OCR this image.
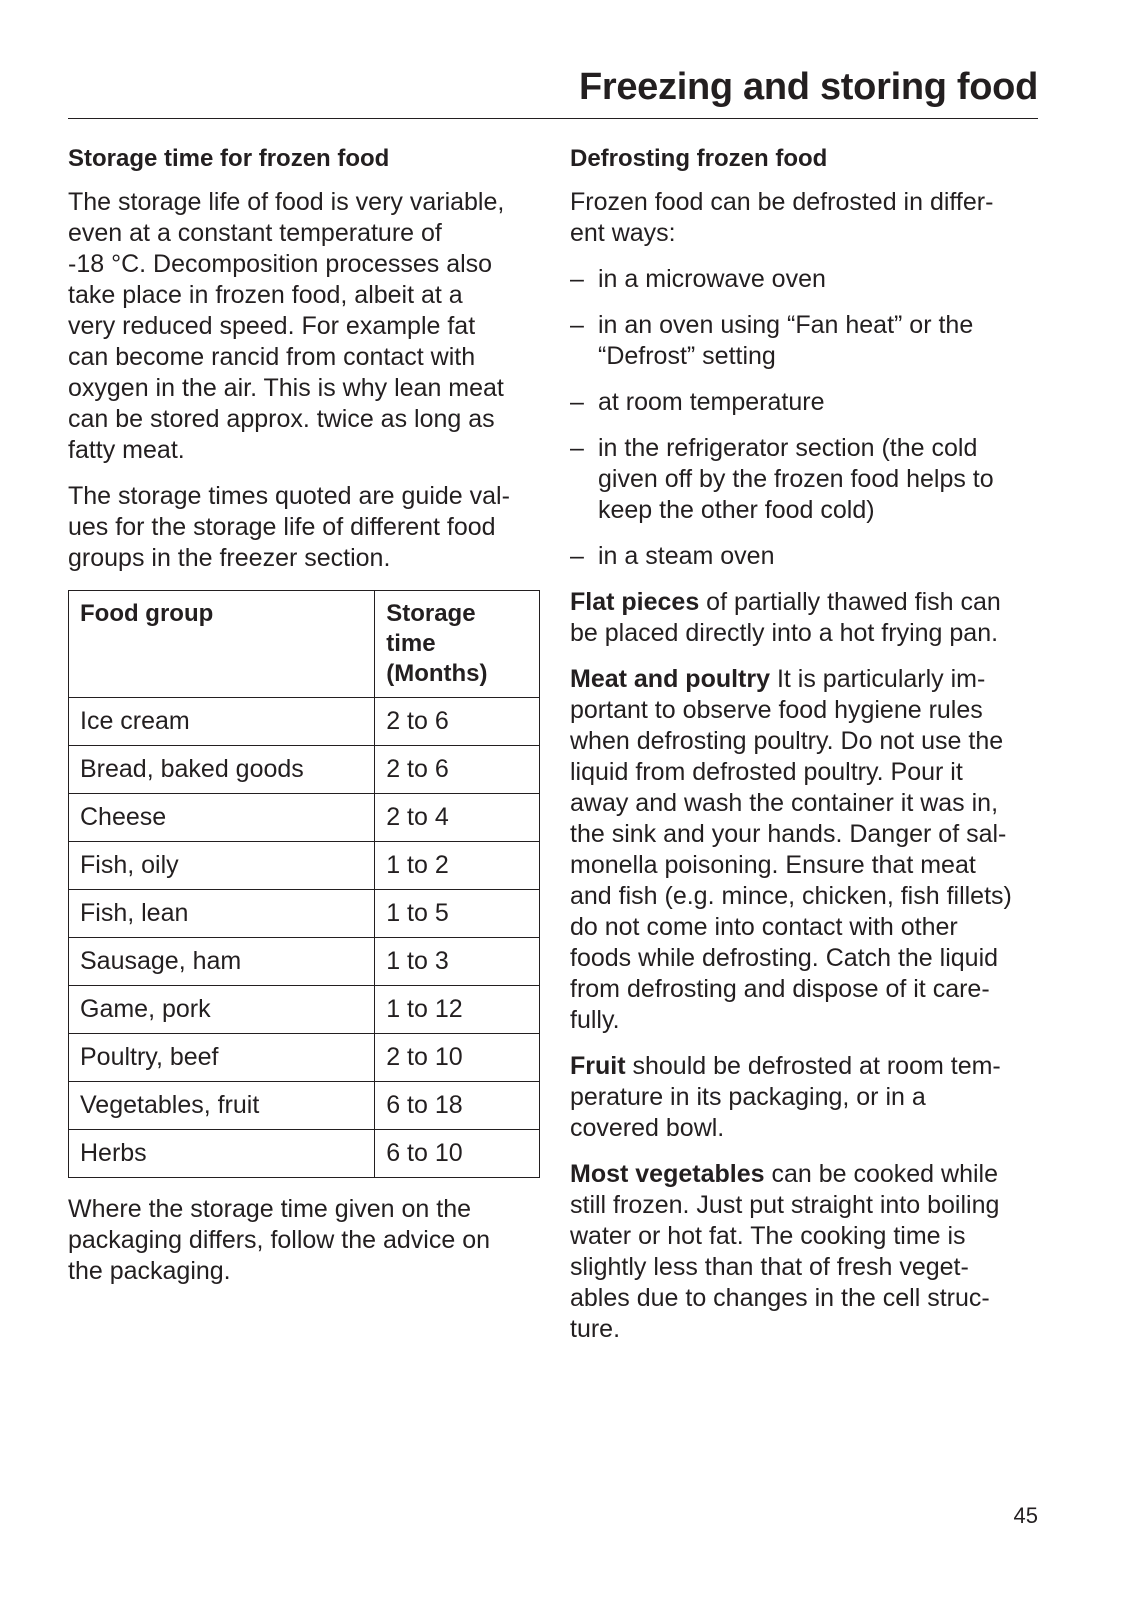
Freezing and storing food
Storage time for frozen food

The storage life of food is very variable,
even at a constant temperature of
-18 °C. Decomposition processes also
take place in frozen food, albeit at a
very reduced speed. For example fat
can become rancid from contact with
oxygen in the air. This is why lean meat
can be stored approx. twice as long as
fatty meat.

The storage times quoted are guide val-
ues for the storage life of different food
groups in the freezer section.

Food group	Storage
time
(Months)
Ice cream	2 to 6
Bread, baked goods	2 to 6
Cheese	2 to 4
Fish, oily	1 to 2
Fish, lean	1 to 5
Sausage, ham	1 to 3
Game, pork	1 to 12
Poultry, beef	2 to 10
Vegetables, fruit	6 to 18
Herbs	6 to 10

Where the storage time given on the
packaging differs, follow the advice on
the packaging.

Defrosting frozen food

Frozen food can be defrosted in differ-
ent ways:

– in a microwave oven
– in an oven using “Fan heat” or the
“Defrost” setting
– at room temperature
– in the refrigerator section (the cold
given off by the frozen food helps to
keep the other food cold)
– in a steam oven

Flat pieces of partially thawed fish can
be placed directly into a hot frying pan.

Meat and poultry It is particularly im-
portant to observe food hygiene rules
when defrosting poultry. Do not use the
liquid from defrosted poultry. Pour it
away and wash the container it was in,
the sink and your hands. Danger of sal-
monella poisoning. Ensure that meat
and fish (e.g. mince, chicken, fish fillets)
do not come into contact with other
foods while defrosting. Catch the liquid
from defrosting and dispose of it care-
fully.

Fruit should be defrosted at room tem-
perature in its packaging, or in a
covered bowl.

Most vegetables can be cooked while
still frozen. Just put straight into boiling
water or hot fat. The cooking time is
slightly less than that of fresh veget-
ables due to changes in the cell struc-
ture.

45
